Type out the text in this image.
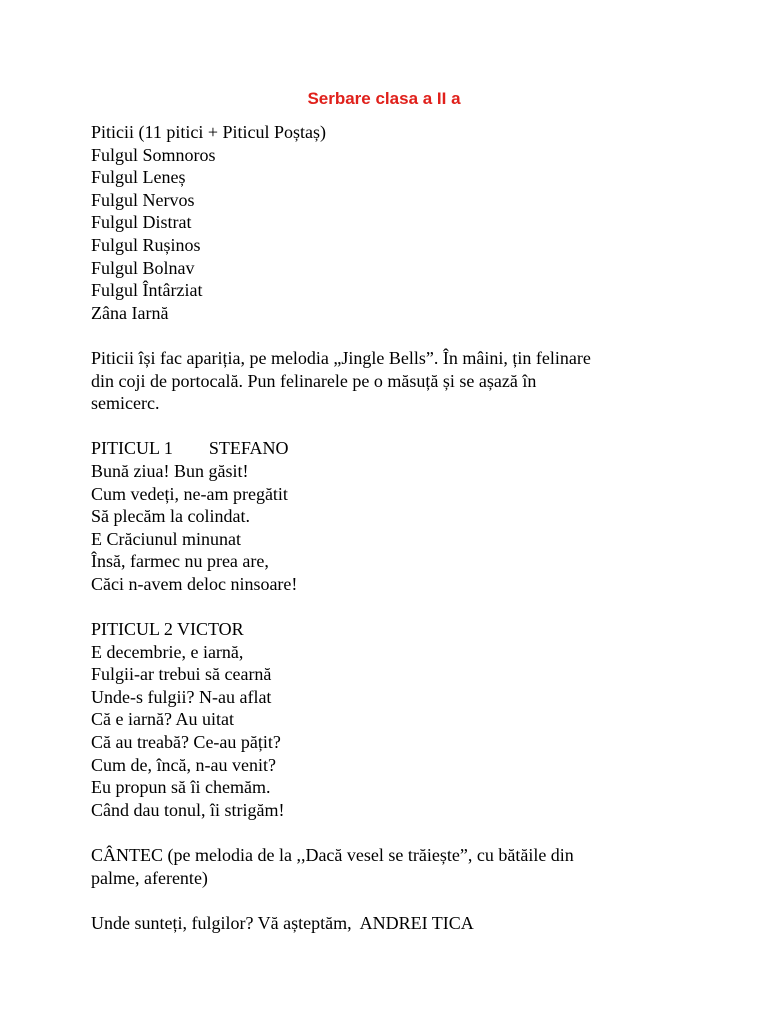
Serbare clasa a II a
Piticii (11 pitici + Piticul Poștaș)
Fulgul Somnoros
Fulgul Leneș
Fulgul Nervos
Fulgul Distrat
Fulgul Rușinos
Fulgul Bolnav
Fulgul Întârziat
Zâna Iarnă
Piticii își fac apariția, pe melodia „Jingle Bells”. În mâini, țin felinare
din coji de portocală. Pun felinarele pe o măsuță și se așază în
semicerc.
PITICUL 1        STEFANO
Bună ziua! Bun găsit!
Cum vedeți, ne-am pregătit
Să plecăm la colindat.
E Crăciunul minunat
Însă, farmec nu prea are,
Căci n-avem deloc ninsoare!
PITICUL 2 VICTOR
E decembrie, e iarnă,
Fulgii-ar trebui să cearnă
Unde-s fulgii? N-au aflat
Că e iarnă? Au uitat
Că au treabă? Ce-au pățit?
Cum de, încă, n-au venit?
Eu propun să îi chemăm.
Când dau tonul, îi strigăm!
CÂNTEC (pe melodia de la ,,Dacă vesel se trăiește”, cu bătăile din
palme, aferente)
Unde sunteți, fulgilor? Vă așteptăm,  ANDREI TICA
